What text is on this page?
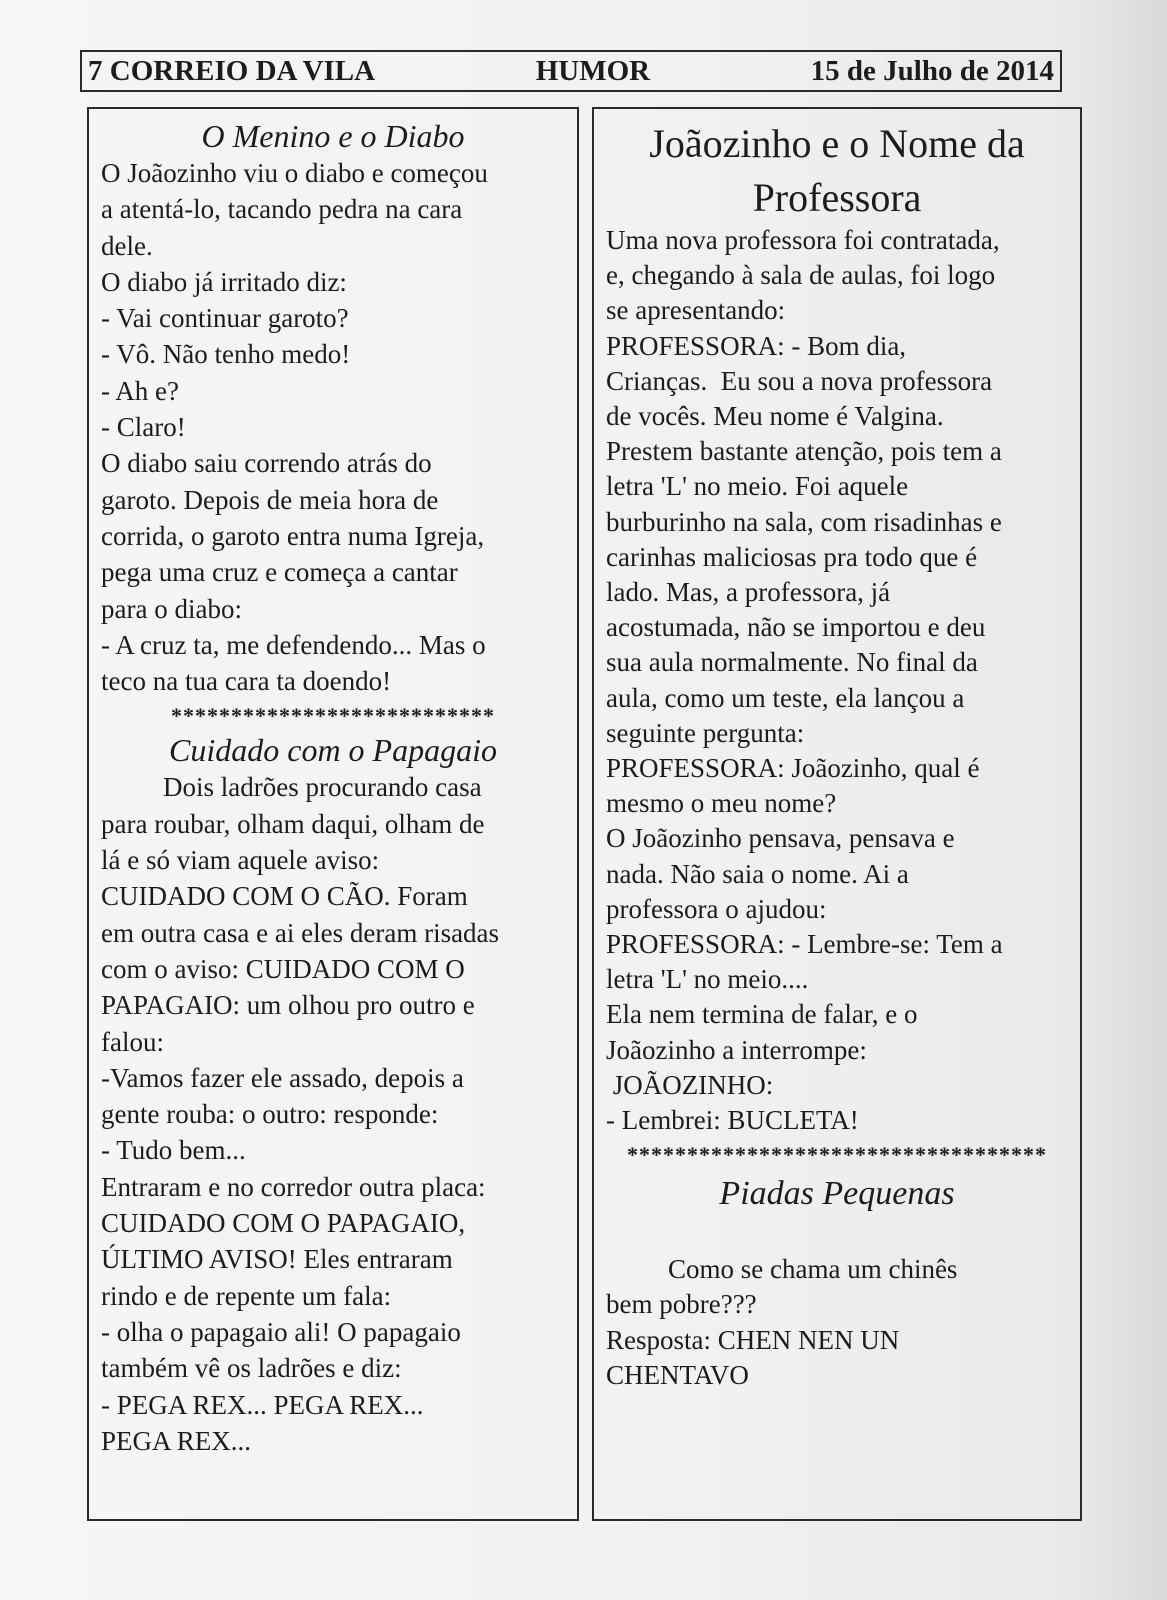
7 CORREIO DA VILA	HUMOR	15 de Julho de 2014
O Menino e o Diabo

O Joãozinho viu o diabo e começou

a atentá-lo, tacando pedra na cara

dele.

O diabo já irritado diz:

- Vai continuar garoto?

- Vô. Não tenho medo!

- Ah e?

- Claro!

O diabo saiu correndo atrás do

garoto. Depois de meia hora de

corrida, o garoto entra numa Igreja,

pega uma cruz e começa a cantar

para o diabo:

- A cruz ta, me defendendo... Mas o

teco na tua cara ta doendo!

***************************
Cuidado com o Papagaio

Dois ladrões procurando casa

para roubar, olham daqui, olham de

lá e só viam aquele aviso:

CUIDADO COM O CÃO. Foram

em outra casa e ai eles deram risadas

com o aviso: CUIDADO COM O

PAPAGAIO: um olhou pro outro e

falou:

-Vamos fazer ele assado, depois a

gente rouba: o outro: responde:

- Tudo bem...

Entraram e no corredor outra placa:

CUIDADO COM O PAPAGAIO,

ÚLTIMO AVISO! Eles entraram

rindo e de repente um fala:

- olha o papagaio ali! O papagaio

também vê os ladrões e diz:

- PEGA REX... PEGA REX...

PEGA REX...

Joãozinho e o Nome da
Professora

Uma nova professora foi contratada,

e, chegando à sala de aulas, foi logo

se apresentando:

PROFESSORA: - Bom dia,

Crianças.  Eu sou a nova professora

de vocês. Meu nome é Valgina.

Prestem bastante atenção, pois tem a

letra 'L' no meio. Foi aquele

burburinho na sala, com risadinhas e

carinhas maliciosas pra todo que é

lado. Mas, a professora, já

acostumada, não se importou e deu

sua aula normalmente. No final da

aula, como um teste, ela lançou a

seguinte pergunta:

PROFESSORA: Joãozinho, qual é

mesmo o meu nome?

O Joãozinho pensava, pensava e

nada. Não saia o nome. Ai a

professora o ajudou:

PROFESSORA: - Lembre-se: Tem a

letra 'L' no meio....

Ela nem termina de falar, e o

Joãozinho a interrompe:

JOÃOZINHO:

- Lembrei: BUCLETA!

***********************************
Piadas Pequenas

Como se chama um chinês

bem pobre???

Resposta: CHEN NEN UN

CHENTAVO
